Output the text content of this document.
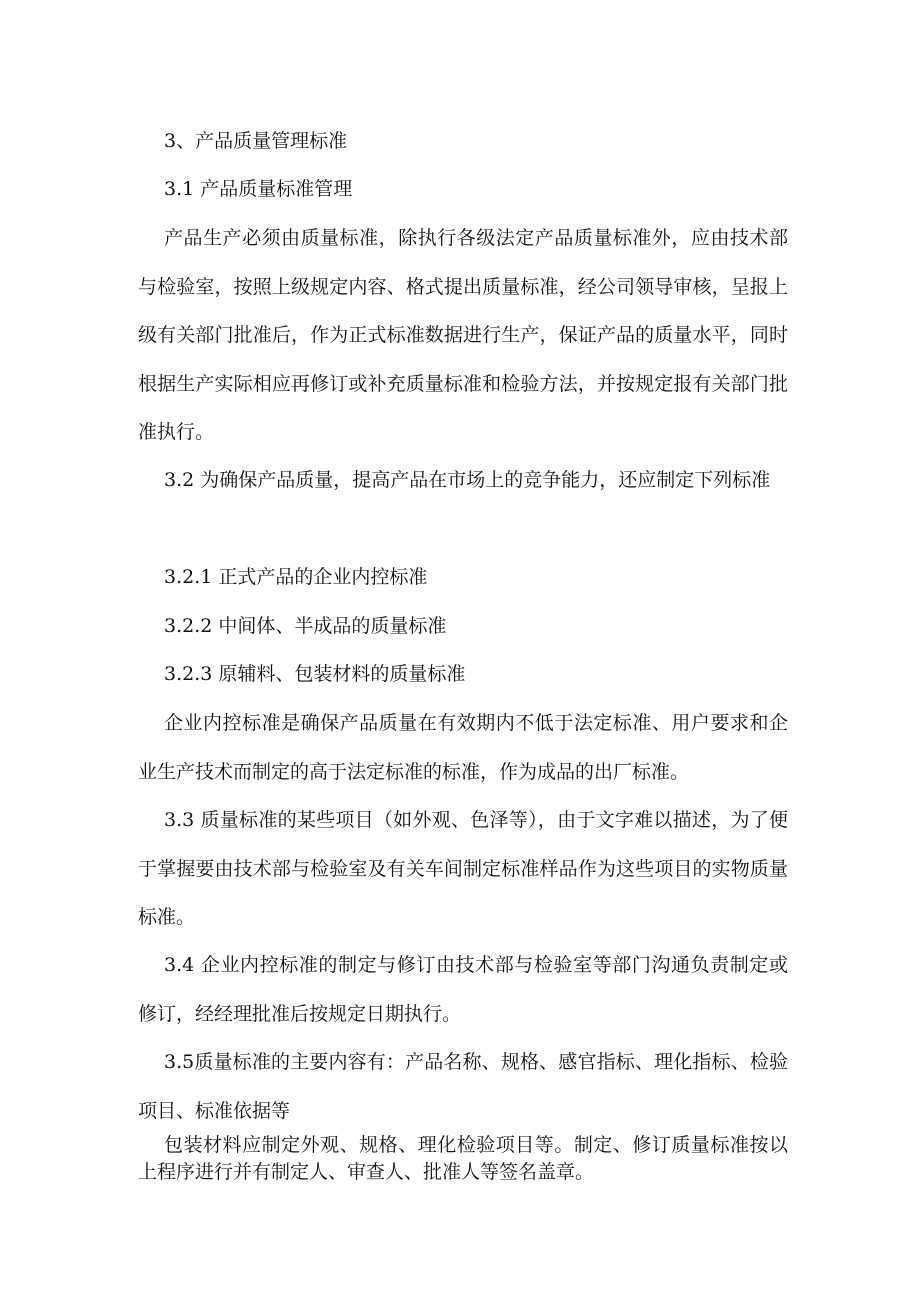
3、产品质量管理标准

3.1 产品质量标准管理

产品生产必须由质量标准，除执行各级法定产品质量标准外，应由技术部与检验室，按照上级规定内容、格式提出质量标准，经公司领导审核，呈报上级有关部门批准后，作为正式标准数据进行生产，保证产品的质量水平，同时根据生产实际相应再修订或补充质量标准和检验方法，并按规定报有关部门批准执行。

3.2 为确保产品质量，提高产品在市场上的竞争能力，还应制定下列标准

3.2.1 正式产品的企业内控标准

3.2.2 中间体、半成品的质量标准

3.2.3 原辅料、包装材料的质量标准

企业内控标准是确保产品质量在有效期内不低于法定标准、用户要求和企业生产技术而制定的高于法定标准的标准，作为成品的出厂标准。

3.3 质量标准的某些项目（如外观、色泽等），由于文字难以描述，为了便于掌握要由技术部与检验室及有关车间制定标准样品作为这些项目的实物质量标准。

3.4 企业内控标准的制定与修订由技术部与检验室等部门沟通负责制定或修订，经经理批准后按规定日期执行。

3.5质量标准的主要内容有：产品名称、规格、感官指标、理化指标、检验项目、标准依据等

包装材料应制定外观、规格、理化检验项目等。制定、修订质量标准按以上程序进行并有制定人、审查人、批准人等签名盖章。
